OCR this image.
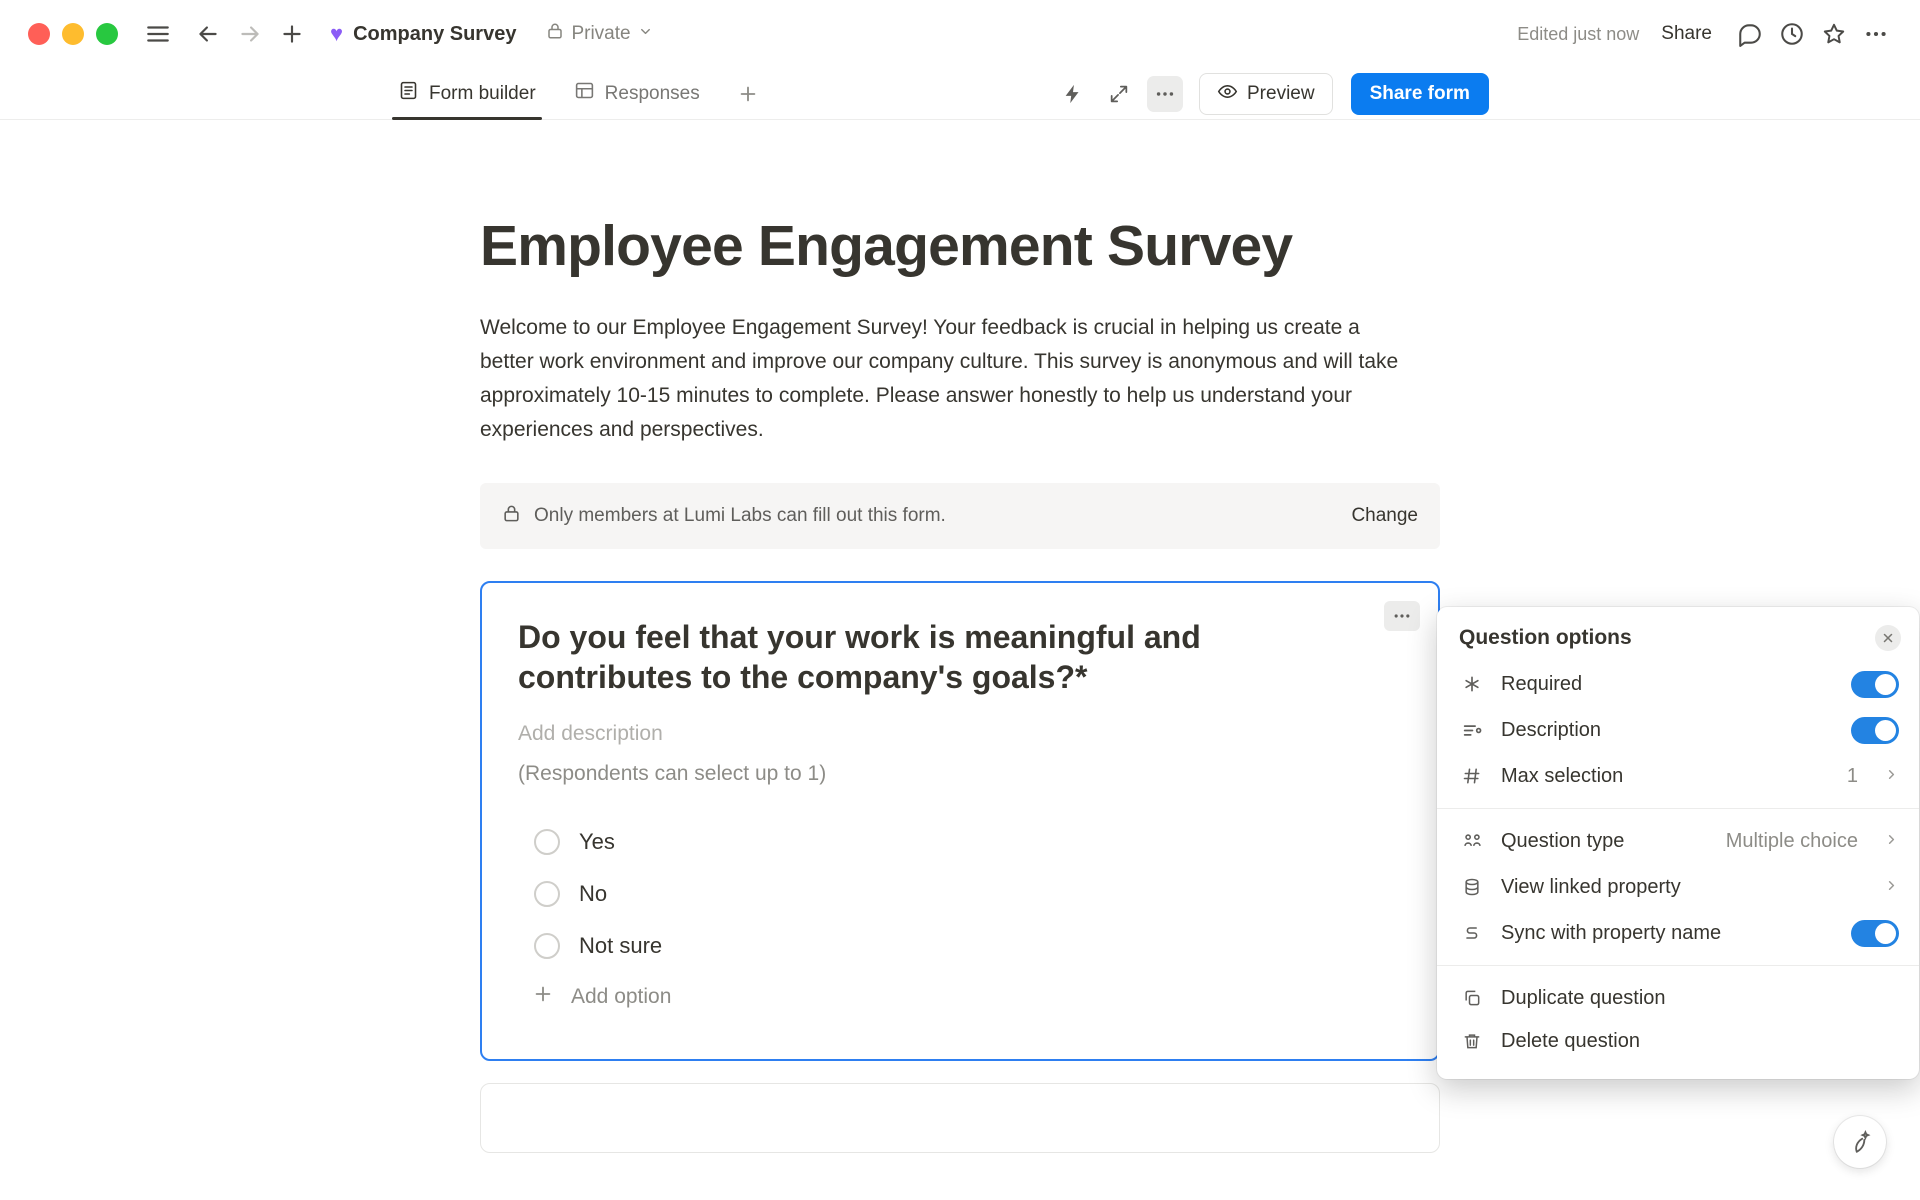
♥ Company Survey	Private	Edited just now	Share
Form builder	Responses	Preview	Share form
Employee Engagement Survey
Welcome to our Employee Engagement Survey! Your feedback is crucial in helping us create a better work environment and improve our company culture. This survey is anonymous and will take approximately 10-15 minutes to complete. Please answer honestly to help us understand your experiences and perspectives.
Only members at Lumi Labs can fill out this form.	Change
Do you feel that your work is meaningful and contributes to the company's goals?*
Add description
(Respondents can select up to 1)
Yes
No
Not sure
Add option
Question options
Required
Description
Max selection	1
Question type	Multiple choice
View linked property
Sync with property name
Duplicate question
Delete question
